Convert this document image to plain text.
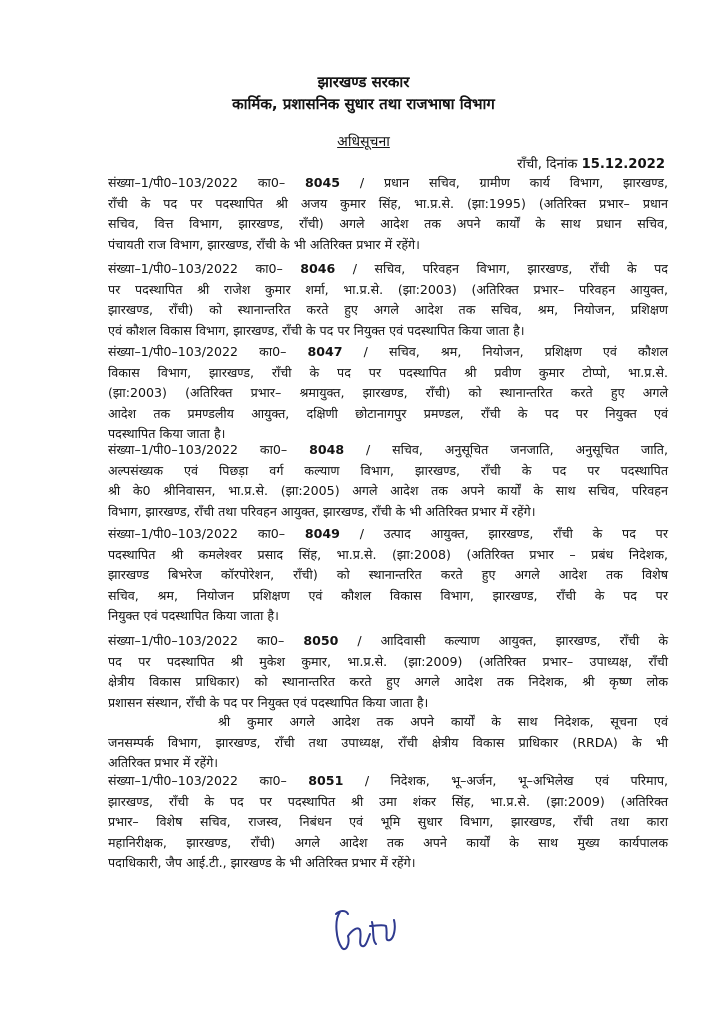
झारखण्ड सरकार
कार्मिक, प्रशासनिक सुधार तथा राजभाषा विभाग
अधिसूचना
राँची, दिनांक 15.12.2022
संख्या–1/पी0–103/2022 का0– 8045 / प्रधान सचिव, ग्रामीण कार्य विभाग, झारखण्ड,
राँची के पद पर पदस्थापित श्री अजय कुमार सिंह, भा.प्र.से. (झा:1995) (अतिरिक्त प्रभार– प्रधान
सचिव, वित्त विभाग, झारखण्ड, राँची) अगले आदेश तक अपने कार्यों के साथ प्रधान सचिव,
पंचायती राज विभाग, झारखण्ड, राँची के भी अतिरिक्त प्रभार में रहेंगे।
संख्या–1/पी0–103/2022 का0– 8046 / सचिव, परिवहन विभाग, झारखण्ड, राँची के पद
पर पदस्थापित श्री राजेश कुमार शर्मा, भा.प्र.से. (झा:2003) (अतिरिक्त प्रभार– परिवहन आयुक्त,
झारखण्ड, राँची) को स्थानान्तरित करते हुए अगले आदेश तक सचिव, श्रम, नियोजन, प्रशिक्षण
एवं कौशल विकास विभाग, झारखण्ड, राँची के पद पर नियुक्त एवं पदस्थापित किया जाता है।
संख्या–1/पी0–103/2022 का0– 8047 / सचिव, श्रम, नियोजन, प्रशिक्षण एवं कौशल
विकास विभाग, झारखण्ड, राँची के पद पर पदस्थापित श्री प्रवीण कुमार टोप्पो, भा.प्र.से.
(झा:2003) (अतिरिक्त प्रभार– श्रमायुक्त, झारखण्ड, राँची) को स्थानान्तरित करते हुए अगले
आदेश तक प्रमण्डलीय आयुक्त, दक्षिणी छोटानागपुर प्रमण्डल, राँची के पद पर नियुक्त एवं
पदस्थापित किया जाता है।
संख्या–1/पी0–103/2022 का0– 8048 / सचिव, अनुसूचित जनजाति, अनुसूचित जाति,
अल्पसंख्यक एवं पिछड़ा वर्ग कल्याण विभाग, झारखण्ड, राँची के पद पर पदस्थापित
श्री के0 श्रीनिवासन, भा.प्र.से. (झा:2005) अगले आदेश तक अपने कार्यों के साथ सचिव, परिवहन
विभाग, झारखण्ड, राँची तथा परिवहन आयुक्त, झारखण्ड, राँची के भी अतिरिक्त प्रभार में रहेंगे।
संख्या–1/पी0–103/2022 का0– 8049 / उत्पाद आयुक्त, झारखण्ड, राँची के पद पर
पदस्थापित श्री कमलेश्वर प्रसाद सिंह, भा.प्र.से. (झा:2008) (अतिरिक्त प्रभार – प्रबंध निदेशक,
झारखण्ड बिभरेज कॉरपोरेशन, राँची) को स्थानान्तरित करते हुए अगले आदेश तक विशेष
सचिव, श्रम, नियोजन प्रशिक्षण एवं कौशल विकास विभाग, झारखण्ड, राँची के पद पर
नियुक्त एवं पदस्थापित किया जाता है।
संख्या–1/पी0–103/2022 का0– 8050 / आदिवासी कल्याण आयुक्त, झारखण्ड, राँची के
पद पर पदस्थापित श्री मुकेश कुमार, भा.प्र.से. (झा:2009) (अतिरिक्त प्रभार– उपाध्यक्ष, राँची
क्षेत्रीय विकास प्राधिकार) को स्थानान्तरित करते हुए अगले आदेश तक निदेशक, श्री कृष्ण लोक
प्रशासन संस्थान, राँची के पद पर नियुक्त एवं पदस्थापित किया जाता है।
श्री कुमार अगले आदेश तक अपने कार्यों के साथ निदेशक, सूचना एवं
जनसम्पर्क विभाग, झारखण्ड, राँची तथा उपाध्यक्ष, राँची क्षेत्रीय विकास प्राधिकार (RRDA) के भी
अतिरिक्त प्रभार में रहेंगे।
संख्या–1/पी0–103/2022 का0– 8051 / निदेशक, भू–अर्जन, भू–अभिलेख एवं परिमाप,
झारखण्ड, राँची के पद पर पदस्थापित श्री उमा शंकर सिंह, भा.प्र.से. (झा:2009) (अतिरिक्त
प्रभार– विशेष सचिव, राजस्व, निबंधन एवं भूमि सुधार विभाग, झारखण्ड, राँची तथा कारा
महानिरीक्षक, झारखण्ड, राँची) अगले आदेश तक अपने कार्यों के साथ मुख्य कार्यपालक
पदाधिकारी, जैप आई.टी., झारखण्ड के भी अतिरिक्त प्रभार में रहेंगे।
